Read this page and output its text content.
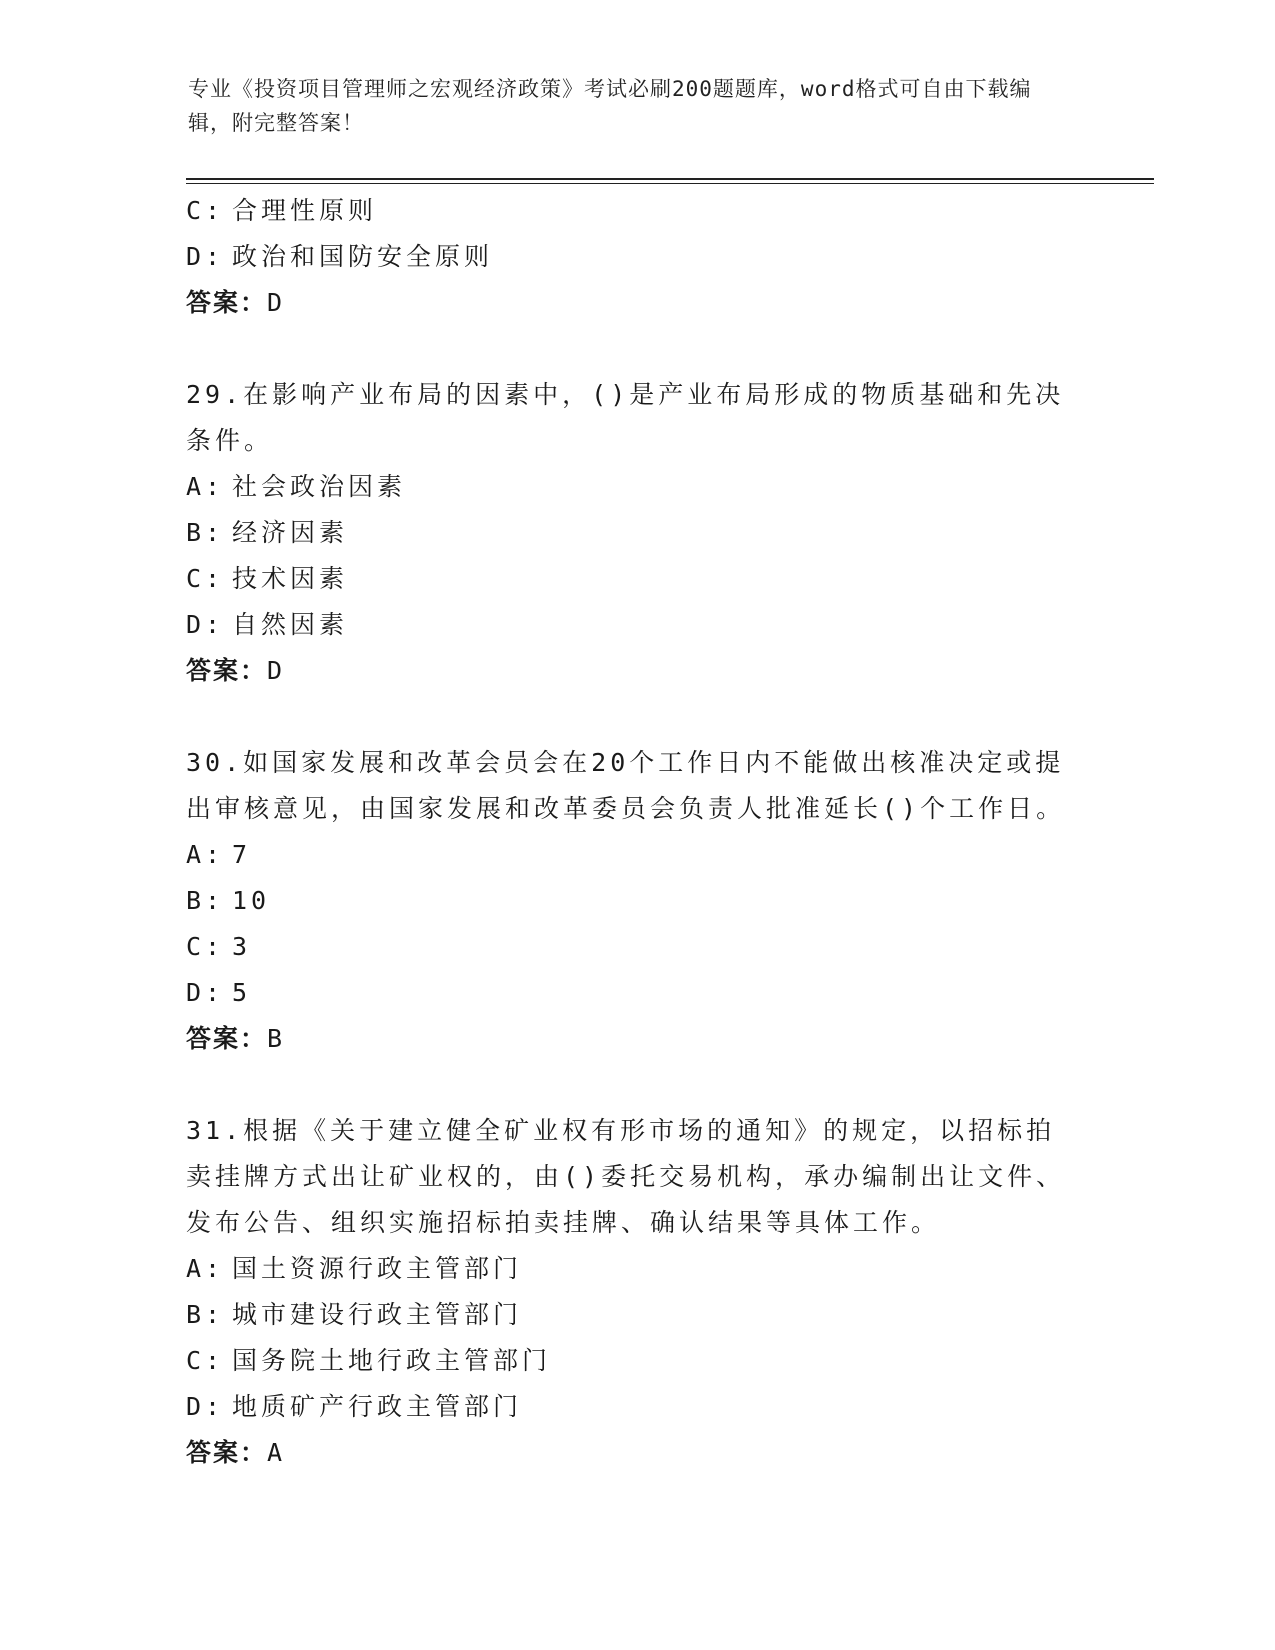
专业《投资项目管理师之宏观经济政策》考试必刷200题题库，word格式可自由下载编辑，附完整答案！
C: 合理性原则
D: 政治和国防安全原则
答案：D
29.在影响产业布局的因素中，()是产业布局形成的物质基础和先决条件。
A: 社会政治因素
B: 经济因素
C: 技术因素
D: 自然因素
答案：D
30.如国家发展和改革会员会在20个工作日内不能做出核准决定或提出审核意见，由国家发展和改革委员会负责人批准延长()个工作日。
A: 7
B: 10
C: 3
D: 5
答案：B
31.根据《关于建立健全矿业权有形市场的通知》的规定，以招标拍卖挂牌方式出让矿业权的，由()委托交易机构，承办编制出让文件、发布公告、组织实施招标拍卖挂牌、确认结果等具体工作。
A: 国土资源行政主管部门
B: 城市建设行政主管部门
C: 国务院土地行政主管部门
D: 地质矿产行政主管部门
答案：A
